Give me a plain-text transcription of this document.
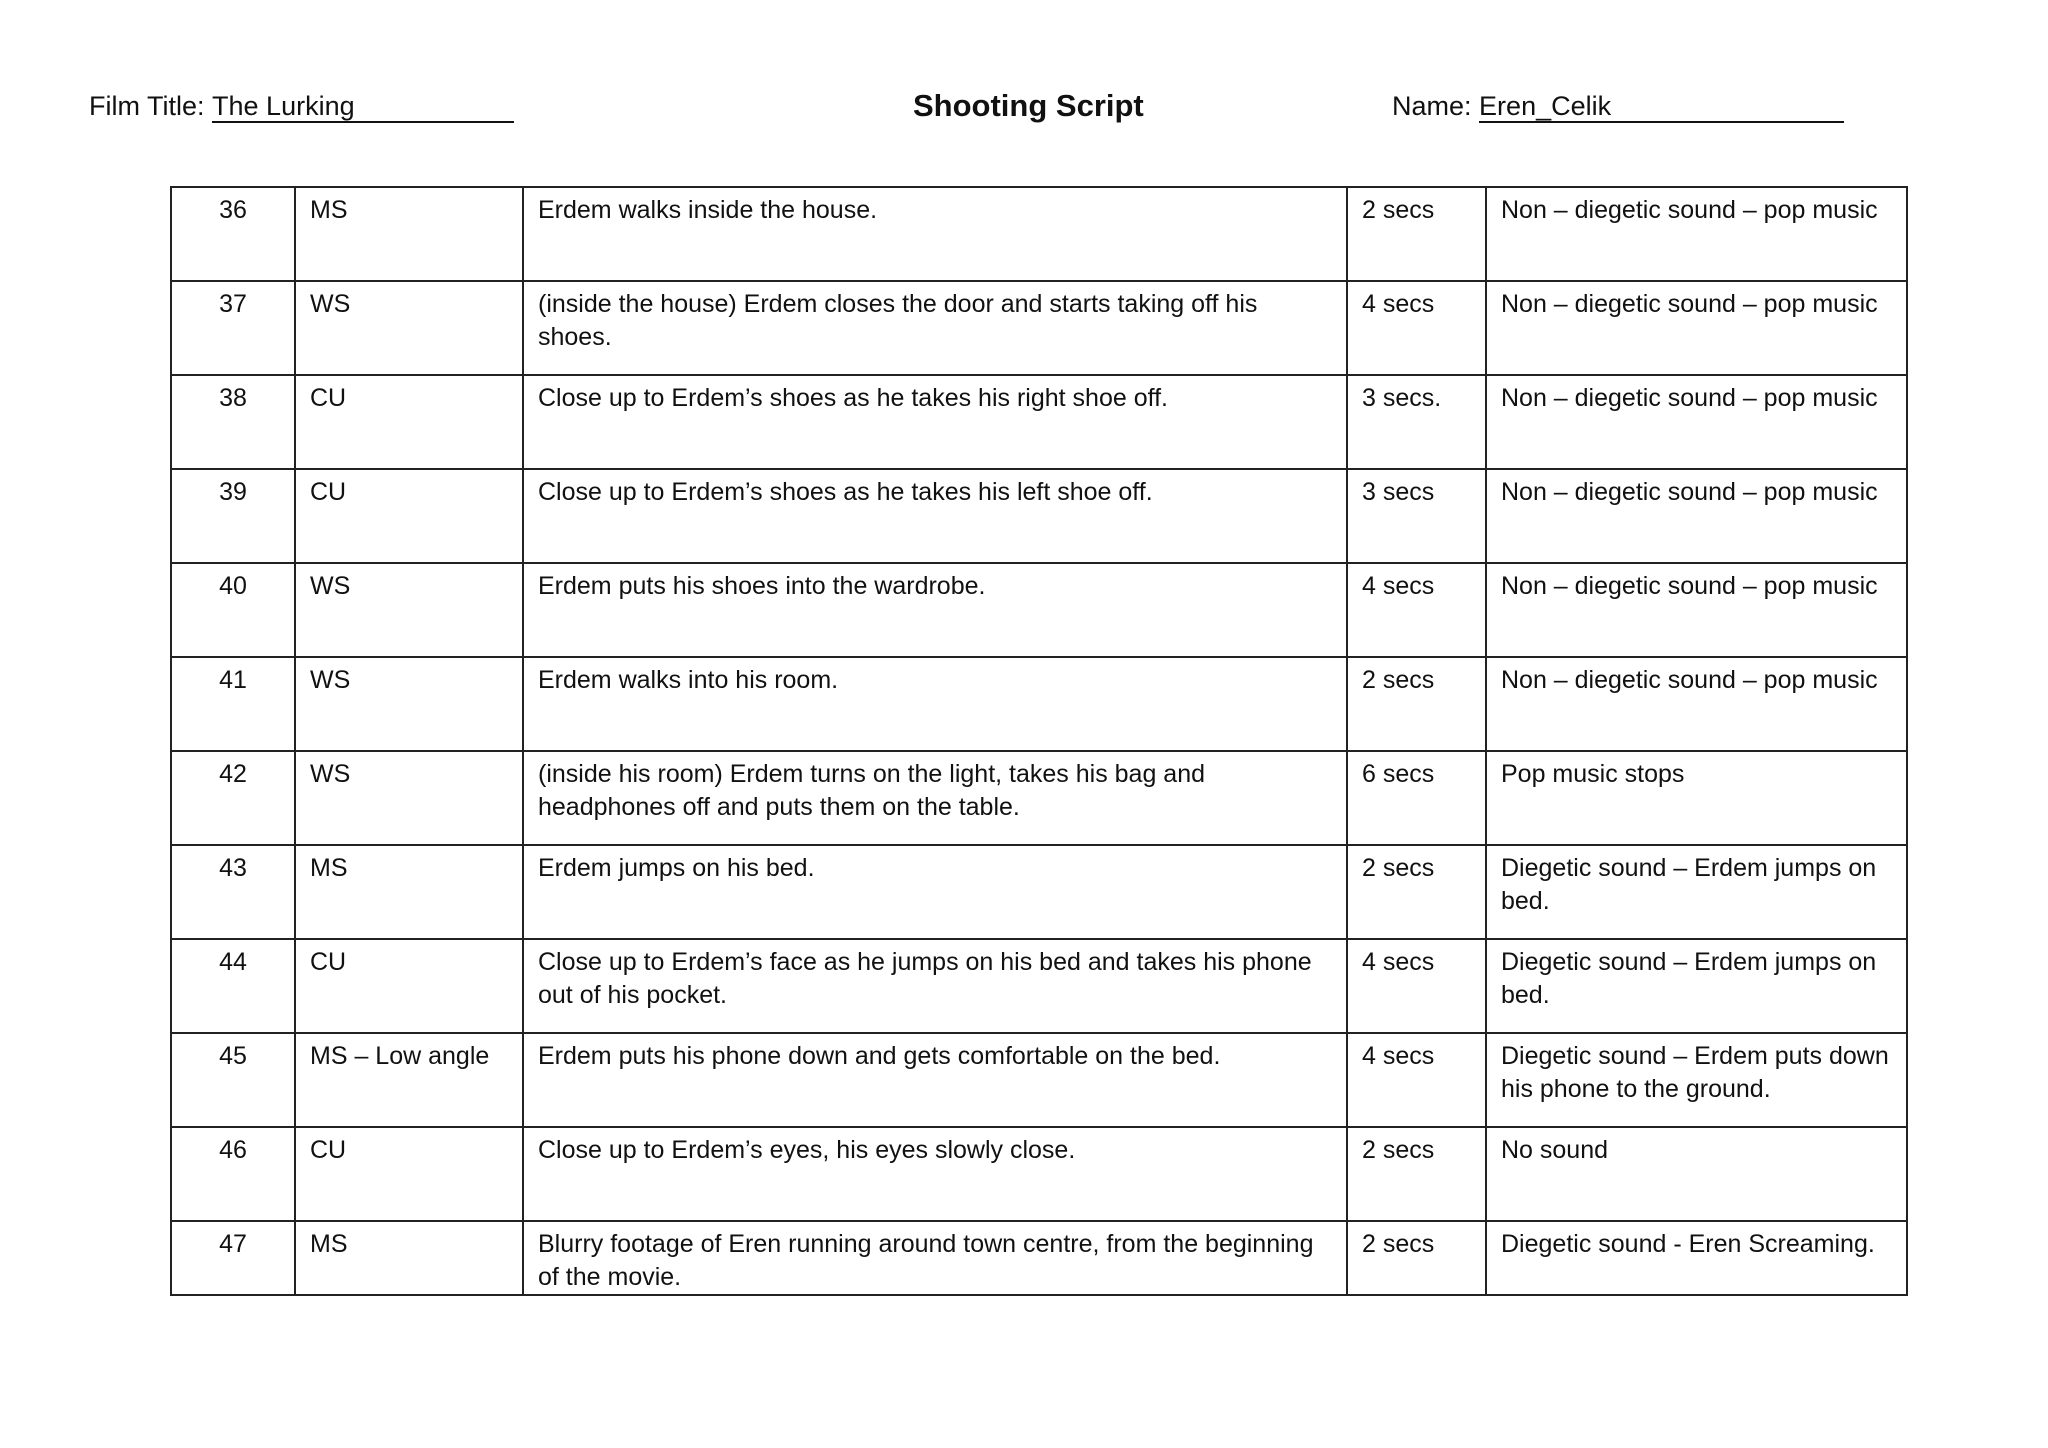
Film Title: The Lurking	Shooting Script	Name: Eren_Celik
36	MS	Erdem walks inside the house.	2 secs	Non – diegetic sound – pop music
37	WS	(inside the house) Erdem closes the door and starts taking off his shoes.	4 secs	Non – diegetic sound – pop music
38	CU	Close up to Erdem’s shoes as he takes his right shoe off.	3 secs.	Non – diegetic sound – pop music
39	CU	Close up to Erdem’s shoes as he takes his left shoe off.	3 secs	Non – diegetic sound – pop music
40	WS	Erdem puts his shoes into the wardrobe.	4 secs	Non – diegetic sound – pop music
41	WS	Erdem walks into his room.	2 secs	Non – diegetic sound – pop music
42	WS	(inside his room) Erdem turns on the light, takes his bag and headphones off and puts them on the table.	6 secs	Pop music stops
43	MS	Erdem jumps on his bed.	2 secs	Diegetic sound – Erdem jumps on bed.
44	CU	Close up to Erdem’s face as he jumps on his bed and takes his phone out of his pocket.	4 secs	Diegetic sound – Erdem jumps on bed.
45	MS – Low angle	Erdem puts his phone down and gets comfortable on the bed.	4 secs	Diegetic sound – Erdem puts down his phone to the ground.
46	CU	Close up to Erdem’s eyes, his eyes slowly close.	2 secs	No sound
47	MS	Blurry footage of Eren running around town centre, from the beginning of the movie.	2 secs	Diegetic sound - Eren Screaming.
